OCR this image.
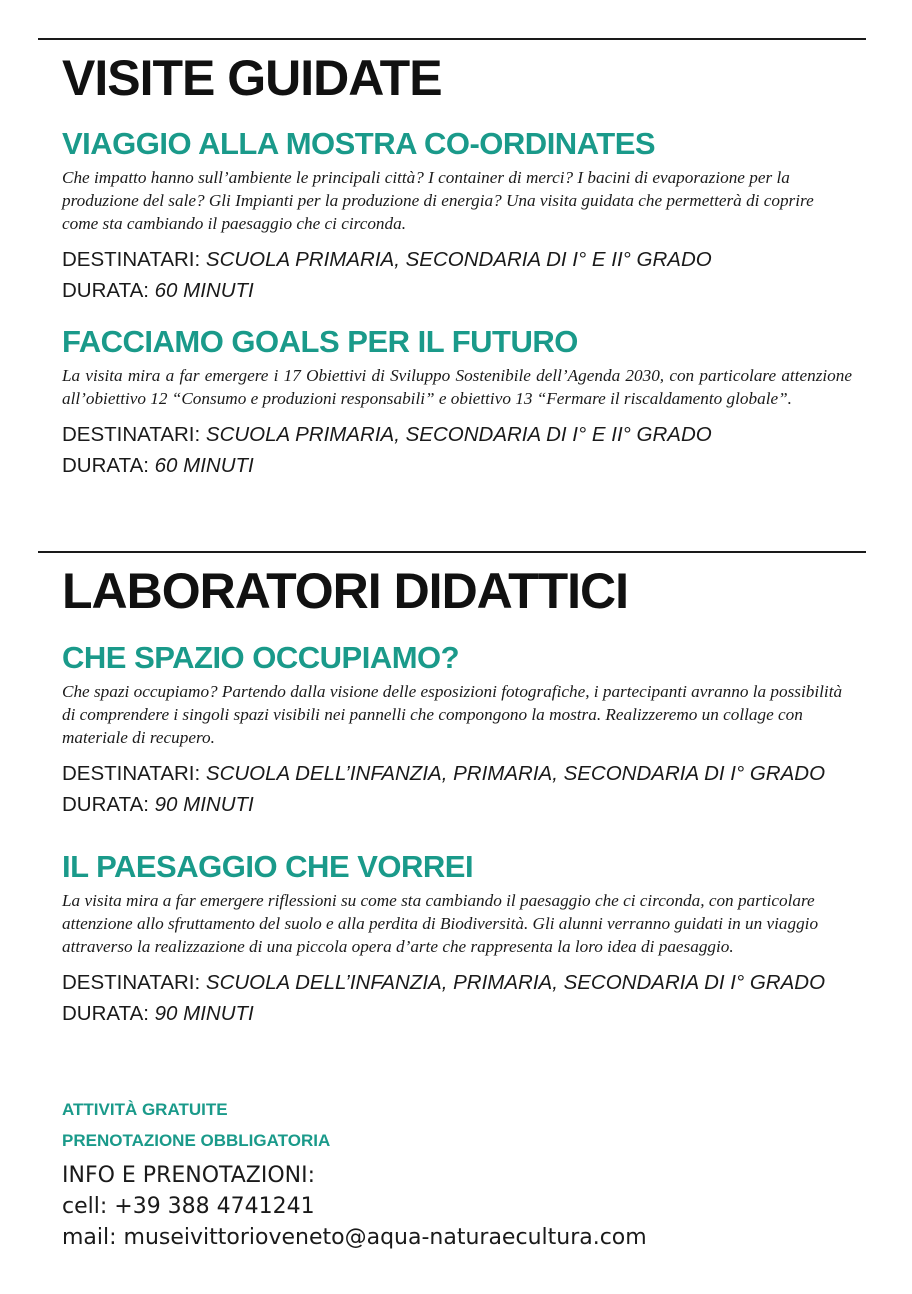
VISITE GUIDATE
VIAGGIO ALLA MOSTRA CO-ORDINATES

Che impatto hanno sull’ambiente le principali città? I container di merci? I bacini di evaporazione per la produzione del sale? Gli Impianti per la produzione di energia? Una visita guidata che permetterà di coprire come sta cambiando il paesaggio che ci circonda.

DESTINATARI: SCUOLA PRIMARIA, SECONDARIA DI I° E II° GRADO

DURATA: 60 MINUTI

FACCIAMO GOALS PER IL FUTURO

La visita mira a far emergere i 17 Obiettivi di Sviluppo Sostenibile dell’Agenda 2030, con particolare attenzione all’obiettivo 12 “Consumo e produzioni responsabili” e obiettivo 13 “Fermare il riscaldamento globale”.

DESTINATARI: SCUOLA PRIMARIA, SECONDARIA DI I° E II° GRADO

DURATA: 60 MINUTI

LABORATORI DIDATTICI
CHE SPAZIO OCCUPIAMO?

Che spazi occupiamo? Partendo dalla visione delle esposizioni fotografiche, i partecipanti avranno la possibilità di comprendere i singoli spazi visibili nei pannelli che compongono la mostra. Realizzeremo un collage con materiale di recupero.

DESTINATARI: SCUOLA DELL’INFANZIA, PRIMARIA, SECONDARIA DI I° GRADO

DURATA: 90 MINUTI

IL PAESAGGIO CHE VORREI

La visita mira a far emergere riflessioni su come sta cambiando il paesaggio che ci circonda, con particolare attenzione allo sfruttamento del suolo e alla perdita di Biodiversità. Gli alunni verranno guidati in un viaggio attraverso la realizzazione di una piccola opera d’arte che rappresenta la loro idea di paesaggio.

DESTINATARI: SCUOLA DELL’INFANZIA, PRIMARIA, SECONDARIA DI I° GRADO

DURATA: 90 MINUTI

ATTIVITÀ GRATUITE

PRENOTAZIONE OBBLIGATORIA

INFO E PRENOTAZIONI:

cell: +39 388 4741241

mail: museivittorioveneto@aqua-naturaecultura.com
